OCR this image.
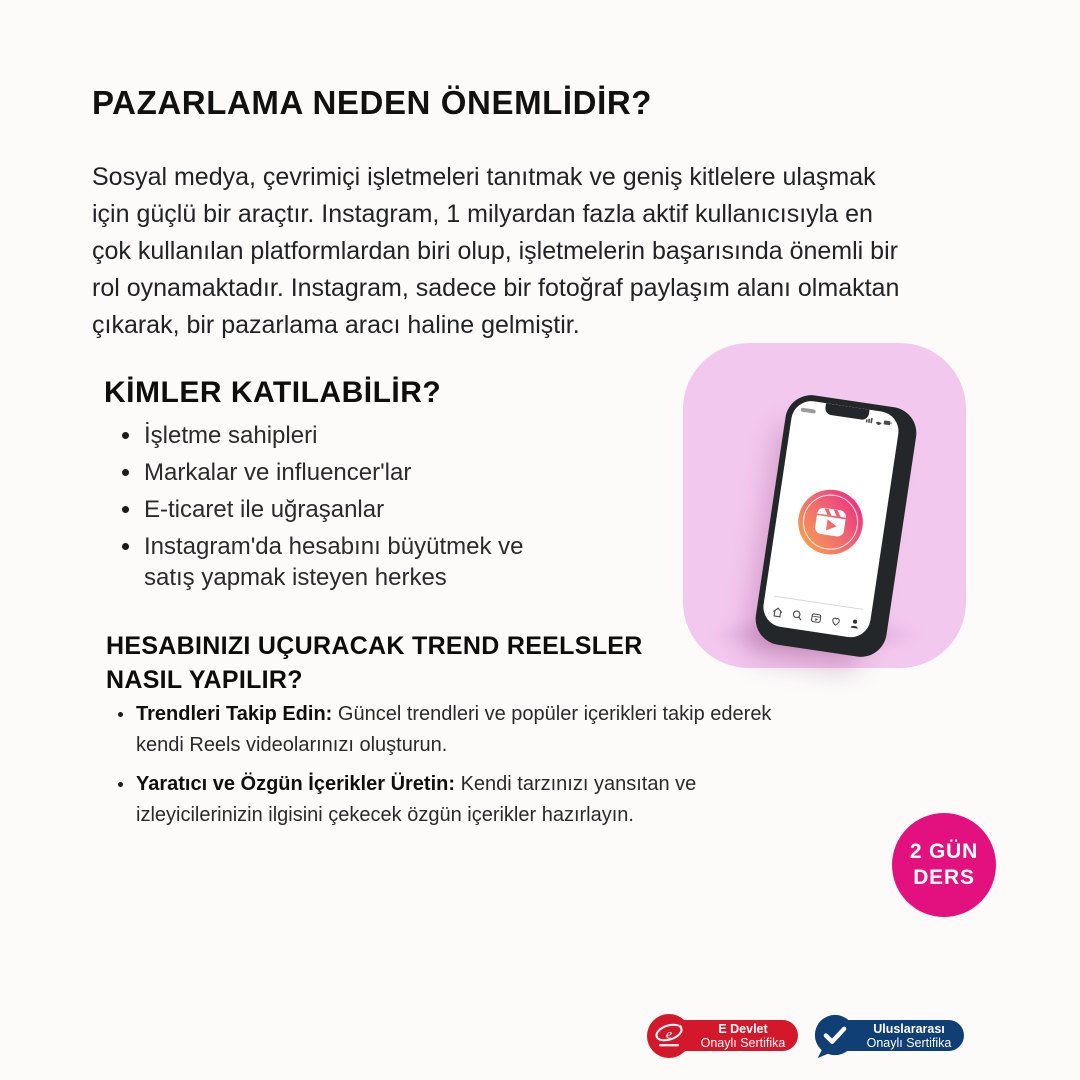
PAZARLAMA NEDEN ÖNEMLİDİR?

Sosyal medya, çevrimiçi işletmeleri tanıtmak ve geniş kitlelere ulaşmak için güçlü bir araçtır. Instagram, 1 milyardan fazla aktif kullanıcısıyla en çok kullanılan platformlardan biri olup, işletmelerin başarısında önemli bir rol oynamaktadır. Instagram, sadece bir fotoğraf paylaşım alanı olmaktan çıkarak, bir pazarlama aracı haline gelmiştir.

KİMLER KATILABİLİR?
İşletme sahipleri
Markalar ve influencer'lar
E-ticaret ile uğraşanlar
Instagram'da hesabını büyütmek ve satış yapmak isteyen herkes
HESABINIZI UÇURACAK TREND REELSLER
NASIL YAPILIR?
Trendleri Takip Edin: Güncel trendleri ve popüler içerikleri takip ederek kendi Reels videolarınızı oluşturun.
Yaratıcı ve Özgün İçerikler Üretin: Kendi tarzınızı yansıtan ve izleyicilerinizin ilgisini çekecek özgün içerikler hazırlayın.
2 GÜN
DERS
E Devlet
Onaylı Sertifika
e	Uluslararası
Onaylı Sertifika
